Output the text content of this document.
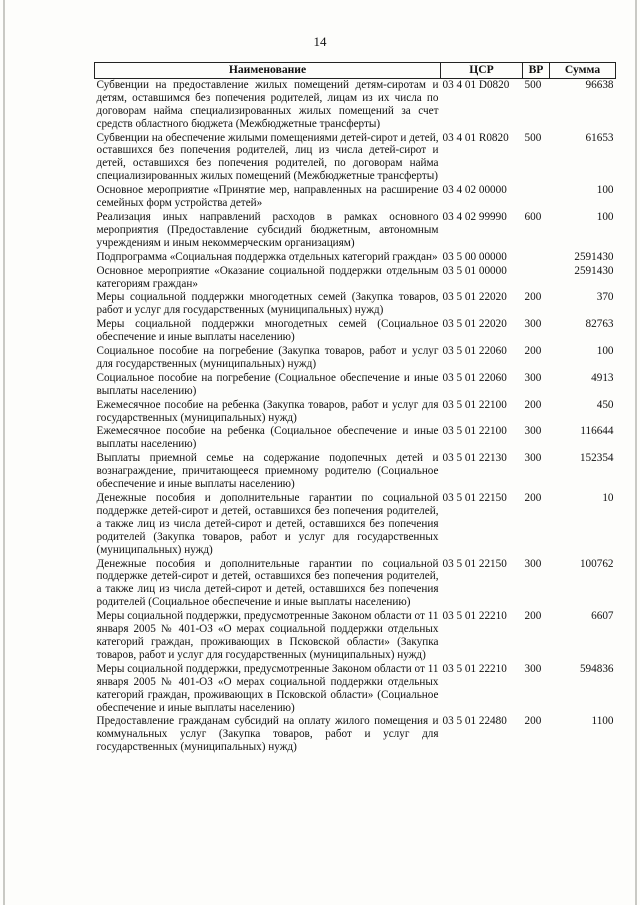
14
Наименование	ЦСР	ВР	Сумма
Субвенции на предоставление жилых помещений детям-сиротам и детям, оставшимся без попечения родителей, лицам из их числа по договорам найма специализированных жилых помещений за счет средств областного бюджета (Межбюджетные трансферты)	03 4 01 D0820	500	96638
Субвенции на обеспечение жилыми помещениями детей-сирот и детей, оставшихся без попечения родителей, лиц из числа детей-сирот и детей, оставшихся без попечения родителей, по договорам найма специализированных жилых помещений (Межбюджетные трансферты)	03 4 01 R0820	500	61653
Основное мероприятие «Принятие мер, направленных на расширение семейных форм устройства детей»	03 4 02 00000		100
Реализация иных направлений расходов в рамках основного мероприятия (Предоставление субсидий бюджетным, автономным учреждениям и иным некоммерческим организациям)	03 4 02 99990	600	100
Подпрограмма «Социальная поддержка отдельных категорий граждан»	03 5 00 00000		2591430
Основное мероприятие «Оказание социальной поддержки отдельным категориям граждан»	03 5 01 00000		2591430
Меры социальной поддержки многодетных семей (Закупка товаров, работ и услуг для государственных (муниципальных) нужд)	03 5 01 22020	200	370
Меры социальной поддержки многодетных семей (Социальное обеспечение и иные выплаты населению)	03 5 01 22020	300	82763
Социальное пособие на погребение (Закупка товаров, работ и услуг для государственных (муниципальных) нужд)	03 5 01 22060	200	100
Социальное пособие на погребение (Социальное обеспечение и иные выплаты населению)	03 5 01 22060	300	4913
Ежемесячное пособие на ребенка (Закупка товаров, работ и услуг для государственных (муниципальных) нужд)	03 5 01 22100	200	450
Ежемесячное пособие на ребенка (Социальное обеспечение и иные выплаты населению)	03 5 01 22100	300	116644
Выплаты приемной семье на содержание подопечных детей и вознаграждение, причитающееся приемному родителю (Социальное обеспечение и иные выплаты населению)	03 5 01 22130	300	152354
Денежные пособия и дополнительные гарантии по социальной поддержке детей-сирот и детей, оставшихся без попечения родителей, а также лиц из числа детей-сирот и детей, оставшихся без попечения родителей (Закупка товаров, работ и услуг для государственных (муниципальных) нужд)	03 5 01 22150	200	10
Денежные пособия и дополнительные гарантии по социальной поддержке детей-сирот и детей, оставшихся без попечения родителей, а также лиц из числа детей-сирот и детей, оставшихся без попечения родителей (Социальное обеспечение и иные выплаты населению)	03 5 01 22150	300	100762
Меры социальной поддержки, предусмотренные Законом области от 11 января 2005 № 401-ОЗ «О мерах социальной поддержки отдельных категорий граждан, проживающих в Псковской области» (Закупка товаров, работ и услуг для государственных (муниципальных) нужд)	03 5 01 22210	200	6607
Меры социальной поддержки, предусмотренные Законом области от 11 января 2005 № 401-ОЗ «О мерах социальной поддержки отдельных категорий граждан, проживающих в Псковской области» (Социальное обеспечение и иные выплаты населению)	03 5 01 22210	300	594836
Предоставление гражданам субсидий на оплату жилого помещения и коммунальных услуг (Закупка товаров, работ и услуг для государственных (муниципальных) нужд)	03 5 01 22480	200	1100
